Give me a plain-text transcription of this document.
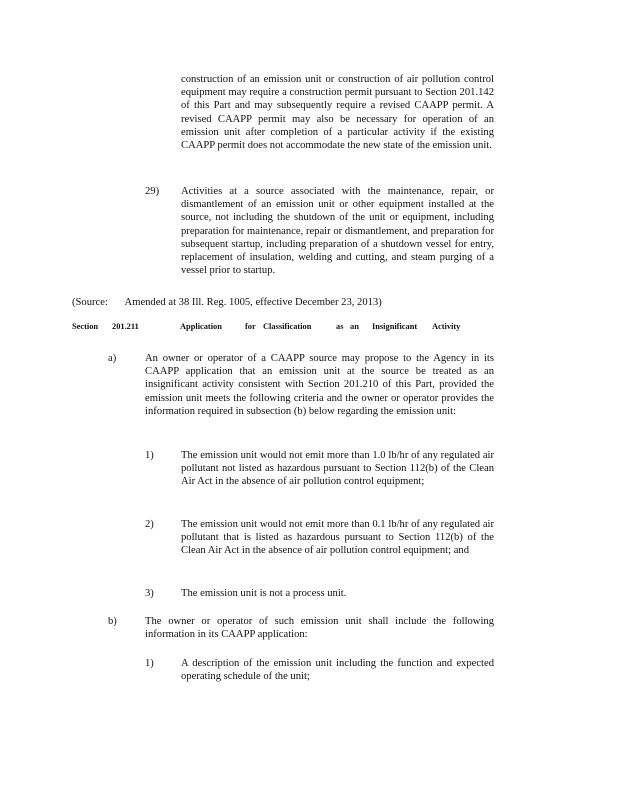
construction of an emission unit or construction of air pollution control equipment may require a construction permit pursuant to Section 201.142 of this Part and may subsequently require a revised CAAPP permit. A revised CAAPP permit may also be necessary for operation of an emission unit after completion of a particular activity if the existing CAAPP permit does not accommodate the new state of the emission unit.

29) Activities at a source associated with the maintenance, repair, or dismantlement of an emission unit or other equipment installed at the source, not including the shutdown of the unit or equipment, including preparation for maintenance, repair or dismantlement, and preparation for subsequent startup, including preparation of a shutdown vessel for entry, replacement of insulation, welding and cutting, and steam purging of a vessel prior to startup.

(Source: Amended at 38 Ill. Reg. 1005, effective December 23, 2013)
Section 201.211	Application	for Classification	as an Insignificant Activity
a)	An owner or operator of a CAAPP source may propose to the Agency in its CAAPP application that an emission unit at the source be treated as an insignificant activity consistent with Section 201.210 of this Part, provided the emission unit meets the following criteria and the owner or operator provides the information required in subsection (b) below regarding the emission unit:

1)	The emission unit would not emit more than 1.0 lb/hr of any regulated air pollutant not listed as hazardous pursuant to Section 112(b) of the Clean Air Act in the absence of air pollution control equipment;

2)	The emission unit would not emit more than 0.1 lb/hr of any regulated air pollutant that is listed as hazardous pursuant to Section 112(b) of the Clean Air Act in the absence of air pollution control equipment; and

3)	The emission unit is not a process unit.

b)	The owner or operator of such emission unit shall include the following information in its CAAPP application:

1)	A description of the emission unit including the function and expected operating schedule of the unit;
